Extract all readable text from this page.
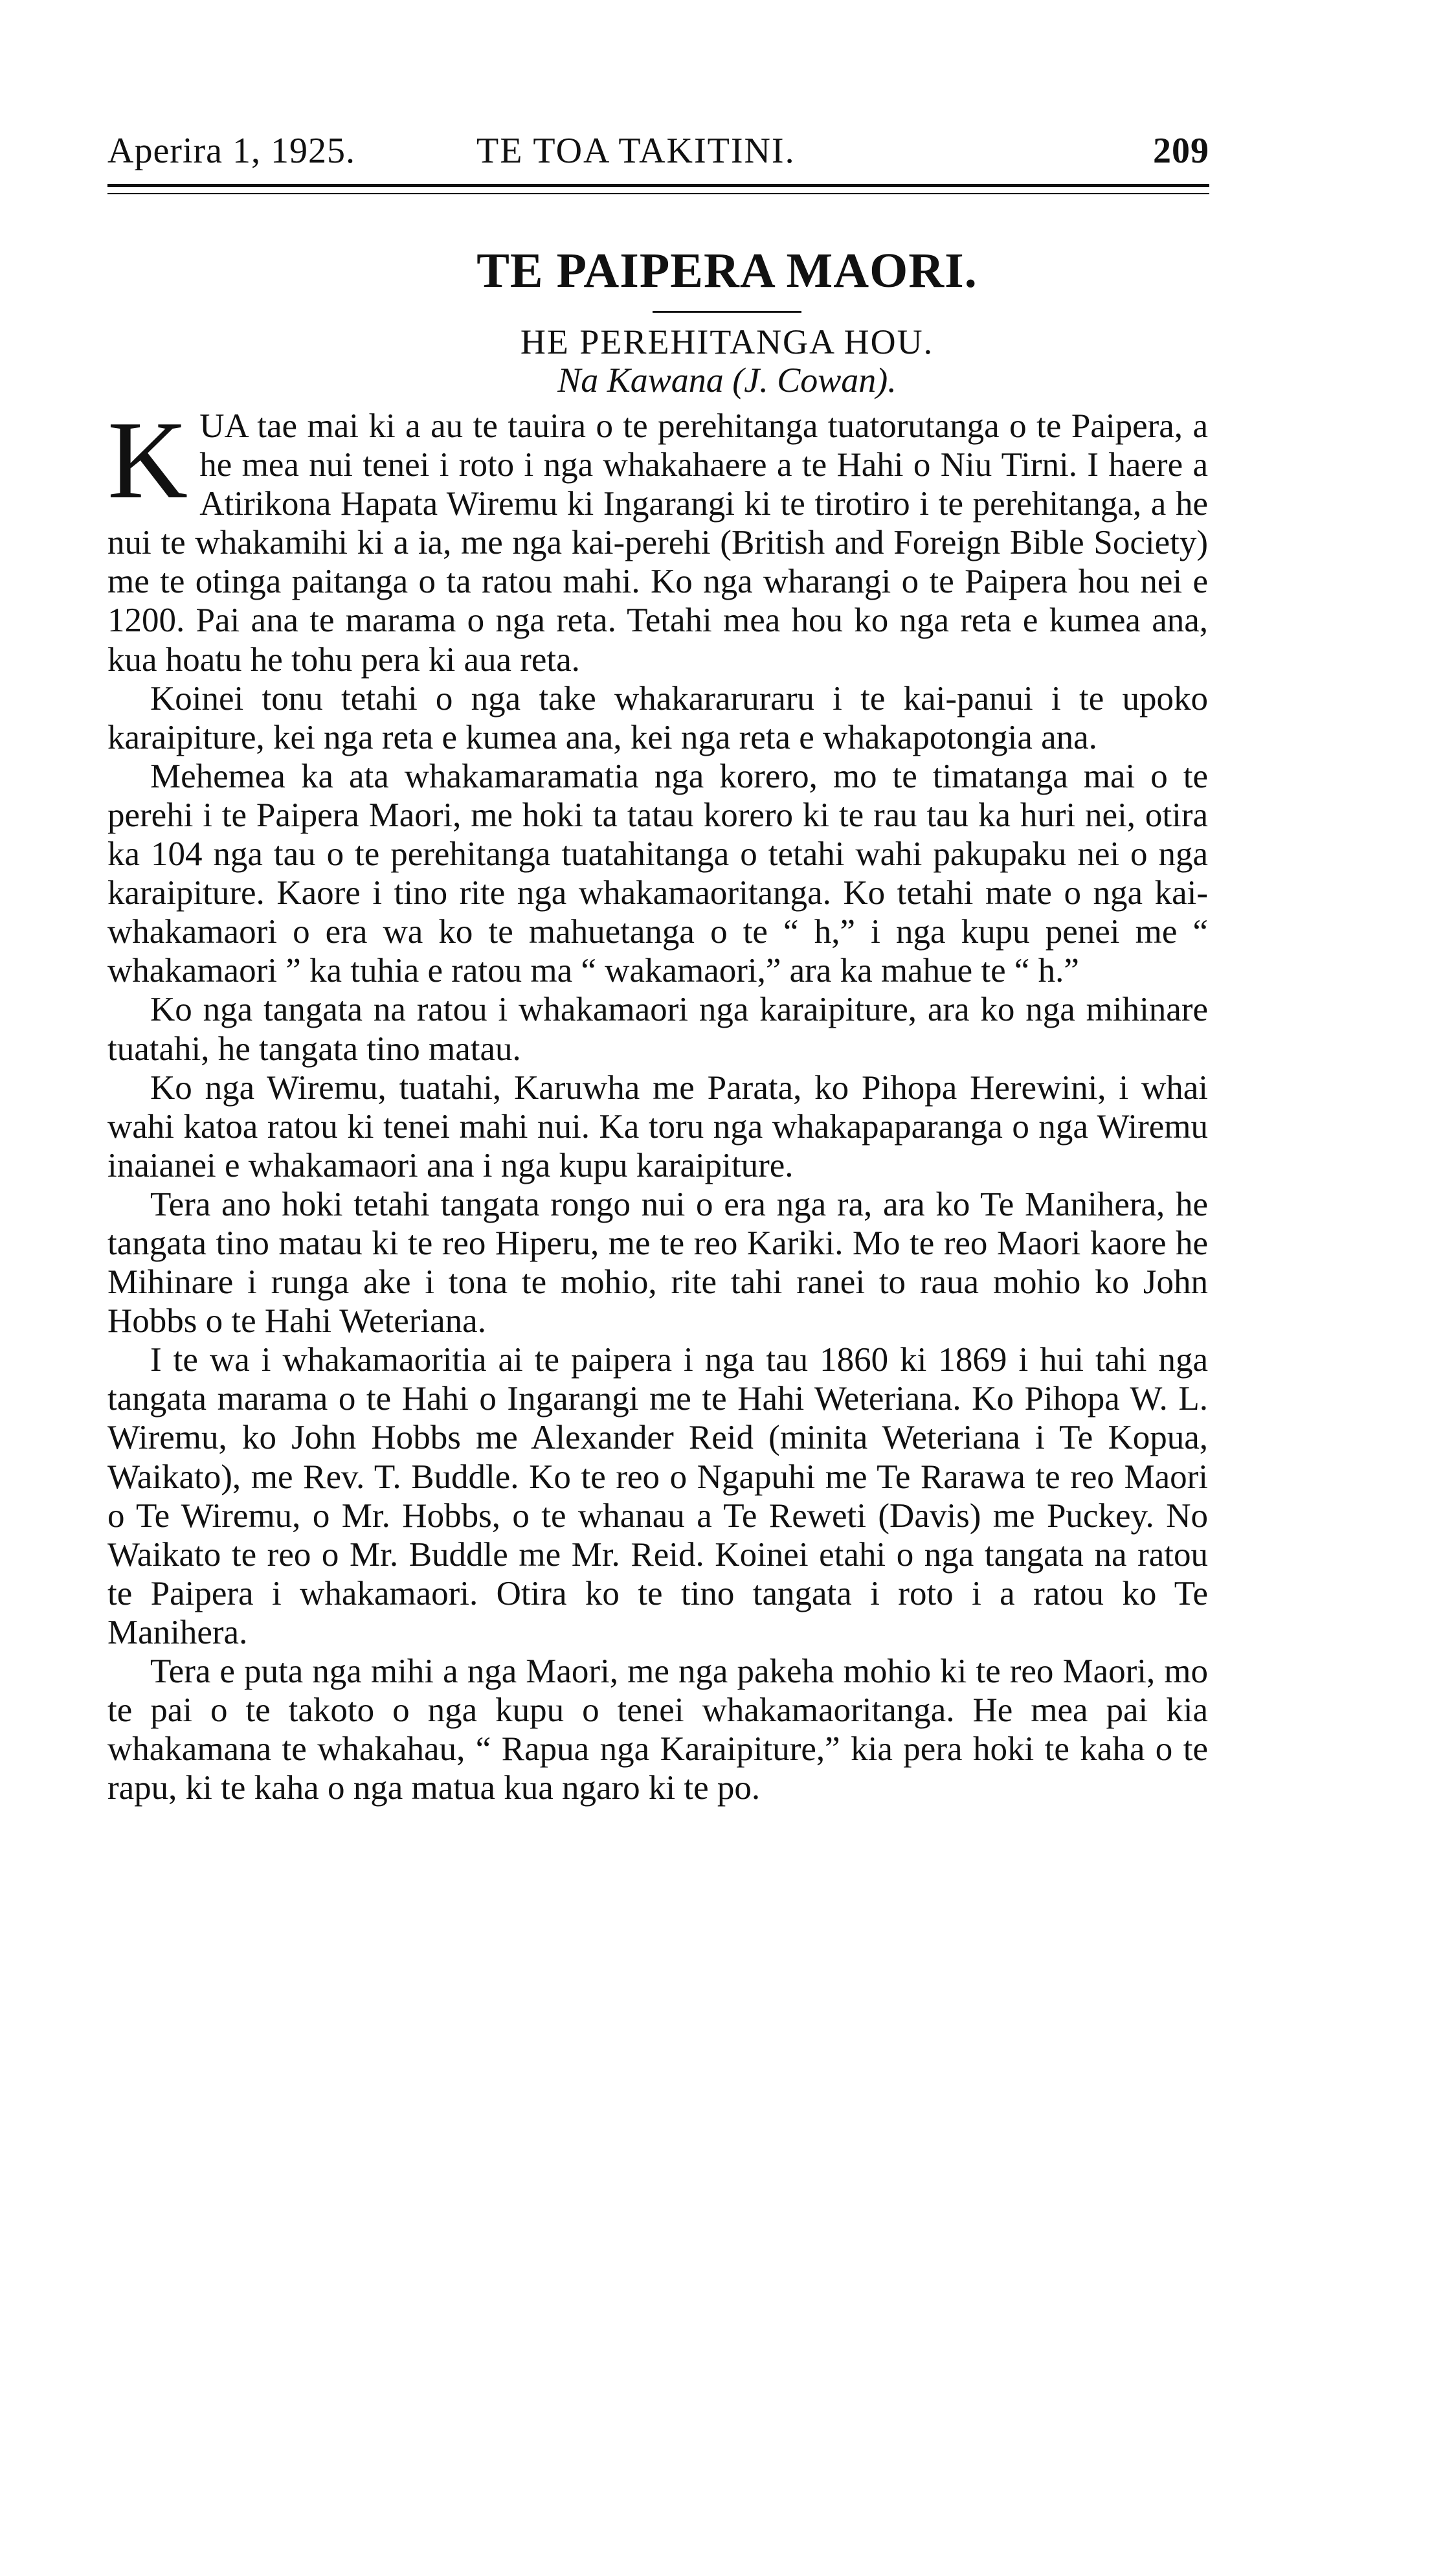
Aperira 1, 1925.	TE TOA TAKITINI.	209
TE PAIPERA MAORI.
HE PEREHITANGA HOU.
Na Kawana (J. Cowan).

KUA tae mai ki a au te tauira o te perehitanga tuatorutanga o te Paipera, a he mea nui tenei i roto i nga whakahaere a te Hahi o Niu Tirni. I haere a Atirikona Hapata Wiremu ki Ingarangi ki te tirotiro i te perehitanga, a he nui te whakamihi ki a ia, me nga kai-perehi (British and Foreign Bible Society) me te otinga paitanga o ta ratou mahi. Ko nga wharangi o te Paipera hou nei e 1200. Pai ana te marama o nga reta. Tetahi mea hou ko nga reta e kumea ana, kua hoatu he tohu pera ki aua reta.

Koinei tonu tetahi o nga take whakararuraru i te kai-panui i te upoko karaipiture, kei nga reta e kumea ana, kei nga reta e whakapotongia ana.

Mehemea ka ata whakamaramatia nga korero, mo te timatanga mai o te perehi i te Paipera Maori, me hoki ta tatau korero ki te rau tau ka huri nei, otira ka 104 nga tau o te perehitanga tuatahitanga o tetahi wahi pakupaku nei o nga karaipiture. Kaore i tino rite nga whakamaoritanga. Ko tetahi mate o nga kai-whakamaori o era wa ko te mahuetanga o te “ h,” i nga kupu penei me “ whakamaori ” ka tuhia e ratou ma “ wakamaori,” ara ka mahue te “ h.”

Ko nga tangata na ratou i whakamaori nga karaipiture, ara ko nga mihinare tuatahi, he tangata tino matau.

Ko nga Wiremu, tuatahi, Karuwha me Parata, ko Pihopa Herewini, i whai wahi katoa ratou ki tenei mahi nui. Ka toru nga whakapaparanga o nga Wiremu inaianei e whakamaori ana i nga kupu karaipiture.

Tera ano hoki tetahi tangata rongo nui o era nga ra, ara ko Te Manihera, he tangata tino matau ki te reo Hiperu, me te reo Kariki. Mo te reo Maori kaore he Mihinare i runga ake i tona te mohio, rite tahi ranei to raua mohio ko John Hobbs o te Hahi Weteriana.

I te wa i whakamaoritia ai te paipera i nga tau 1860 ki 1869 i hui tahi nga tangata marama o te Hahi o Ingarangi me te Hahi Weteriana. Ko Pihopa W. L. Wiremu, ko John Hobbs me Alexander Reid (minita Weteriana i Te Kopua, Waikato), me Rev. T. Buddle. Ko te reo o Ngapuhi me Te Rarawa te reo Maori o Te Wiremu, o Mr. Hobbs, o te whanau a Te Reweti (Davis) me Puckey. No Waikato te reo o Mr. Buddle me Mr. Reid. Koinei etahi o nga tangata na ratou te Paipera i whakamaori. Otira ko te tino tangata i roto i a ratou ko Te Manihera.

Tera e puta nga mihi a nga Maori, me nga pakeha mohio ki te reo Maori, mo te pai o te takoto o nga kupu o tenei whakamaoritanga. He mea pai kia whakamana te whakahau, “ Rapua nga Karaipiture,” kia pera hoki te kaha o te rapu, ki te kaha o nga matua kua ngaro ki te po.
